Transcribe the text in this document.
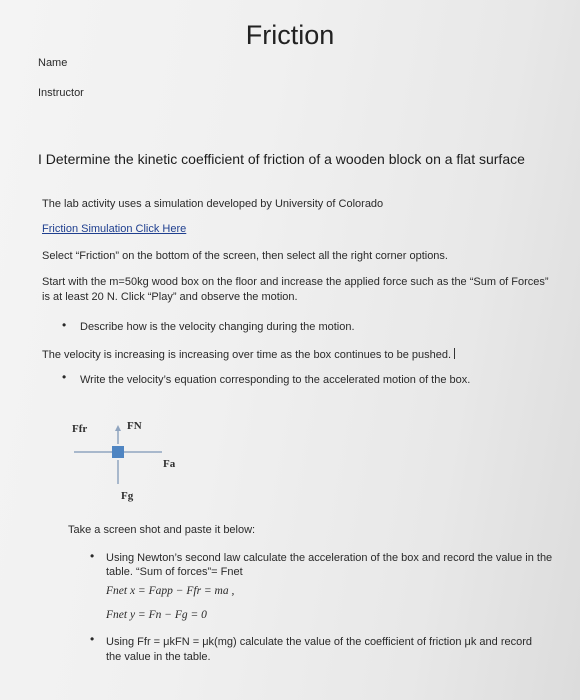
Friction
Name
Instructor
I Determine the kinetic coefficient of friction of a wooden block on a flat surface
The lab activity uses a simulation developed by University of Colorado
Friction Simulation Click Here
Select “Friction” on the bottom of the screen, then select all the right corner options.
Start with the m=50kg wood box on the floor and increase the applied force such as the “Sum of Forces”
is at least 20 N. Click “Play” and observe the motion.
• Describe how is the velocity changing during the motion.
The velocity is increasing is increasing over time as the box continues to be pushed.
• Write the velocity’s equation corresponding to the accelerated motion of the box.
Ffr	FN
Fa
Fg
Take a screen shot and paste it below:
• Using Newton’s second law calculate the acceleration of the box and record the value in the
table. “Sum of forces”= Fnet
Fnet x = Fapp − Ffr = ma ,
Fnet y = Fn − Fg = 0
• Using Ffr = μkFN = μk(mg) calculate the value of the coefficient of friction μk and record
the value in the table.
